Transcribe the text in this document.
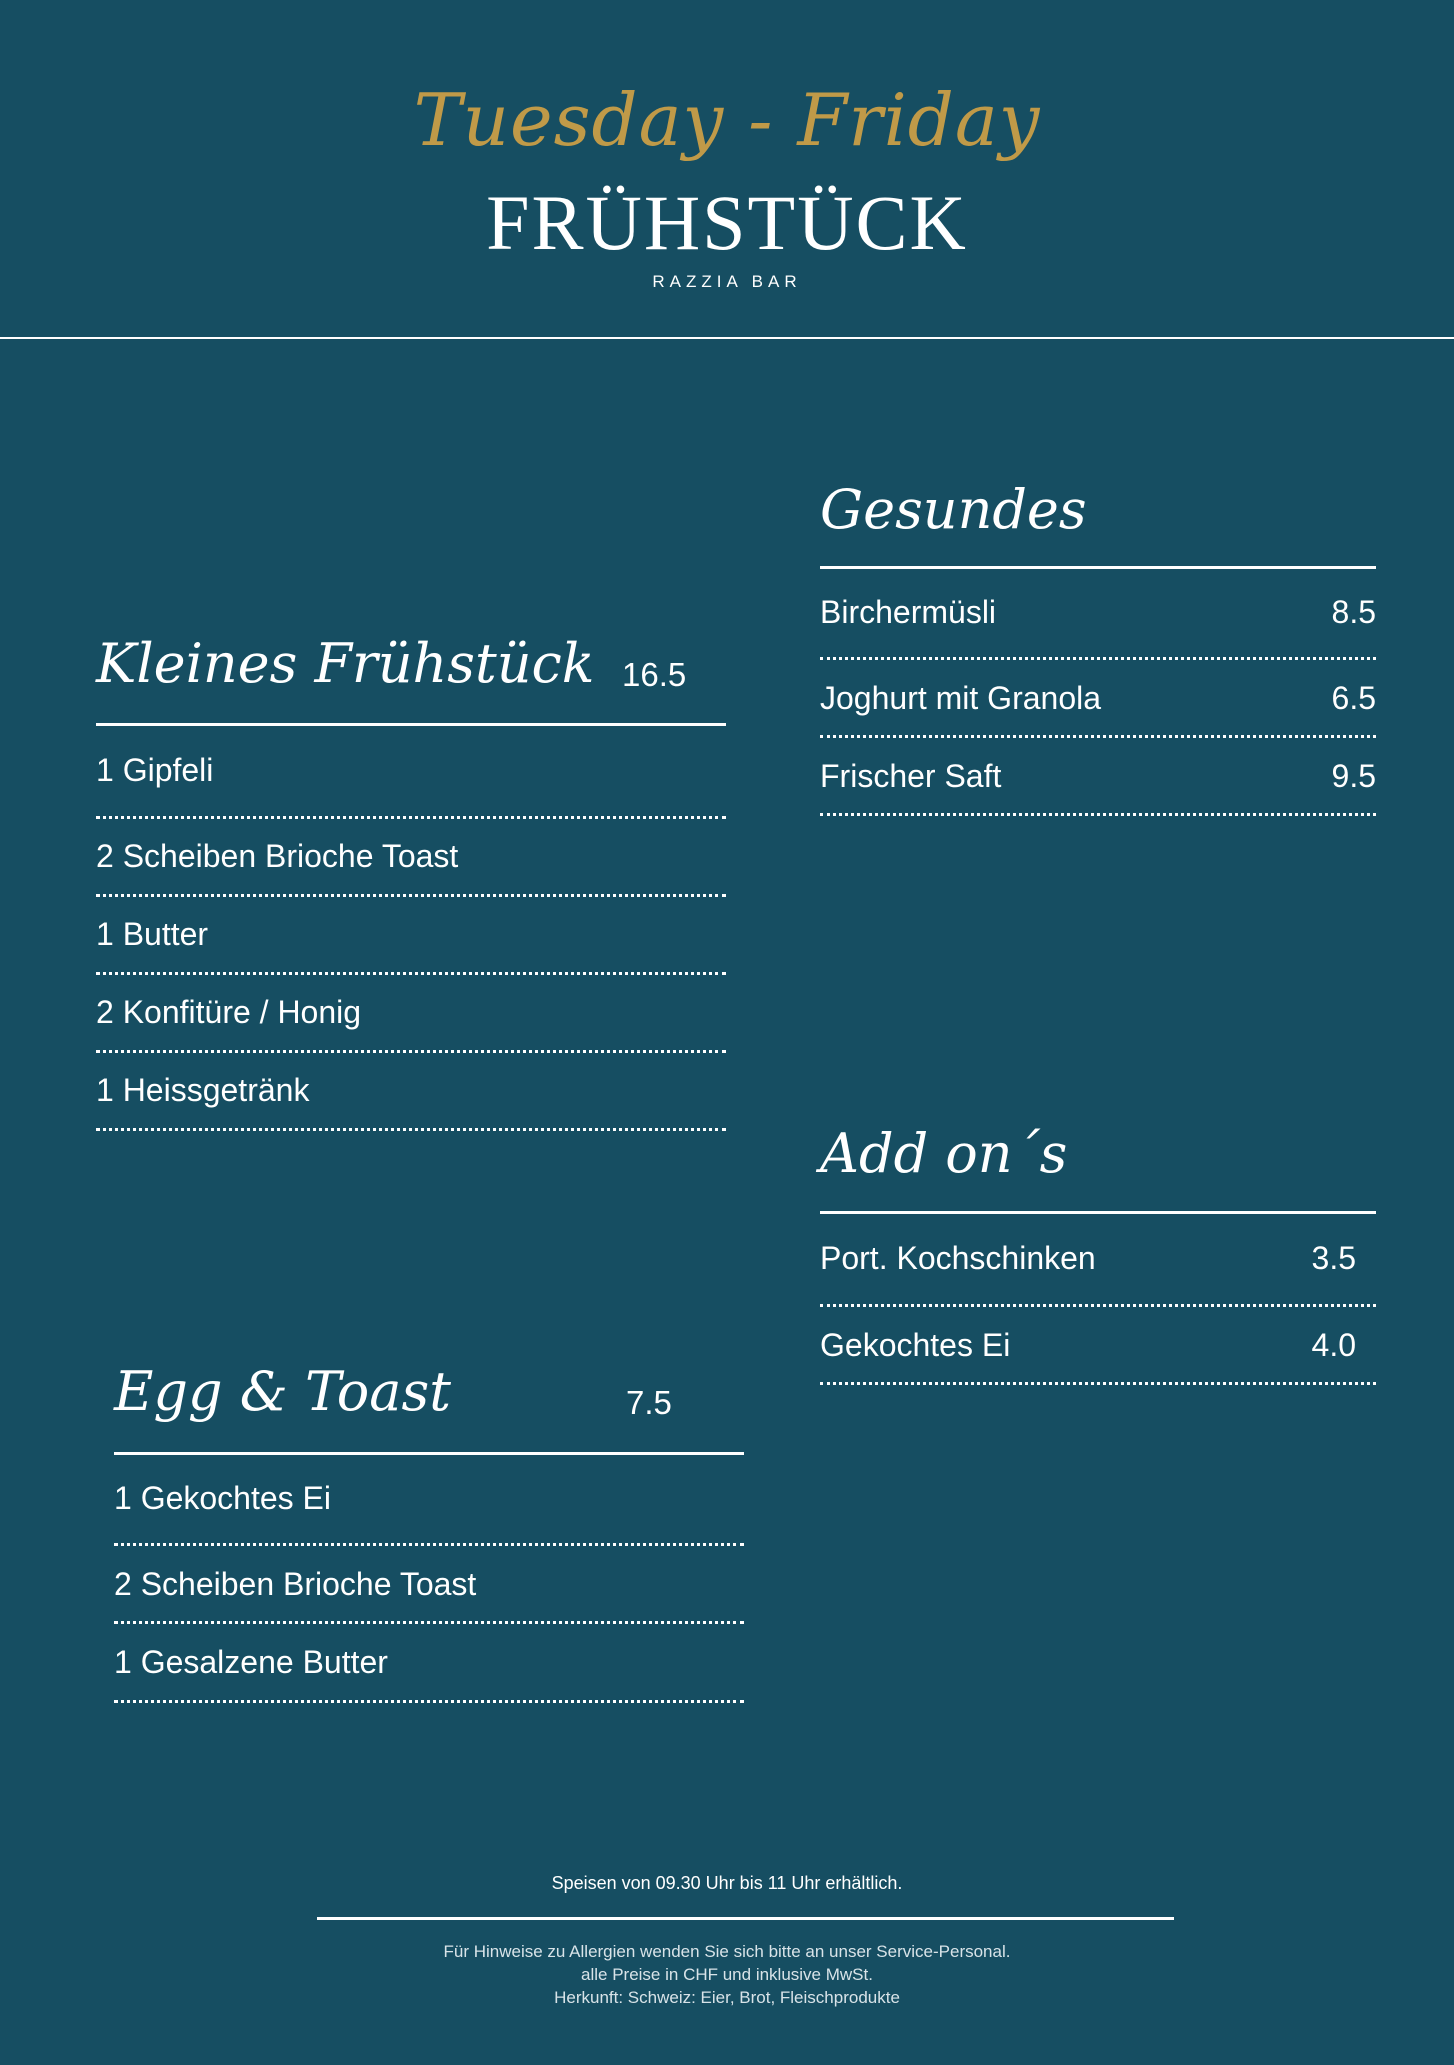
Tuesday - Friday
FRÜHSTÜCK
RAZZIA BAR
Kleines Frühstück 16.5
1 Gipfeli
2 Scheiben Brioche Toast
1 Butter
2 Konfitüre / Honig
1 Heissgetränk
Egg & Toast	7.5
1 Gekochtes Ei
2 Scheiben Brioche Toast
1 Gesalzene Butter
Gesundes
Birchermüsli	8.5
Joghurt mit Granola	6.5
Frischer Saft	9.5
Add on´s
Port. Kochschinken	3.5
Gekochtes Ei	4.0
Speisen von 09.30 Uhr bis 11 Uhr erhältlich.
Für Hinweise zu Allergien wenden Sie sich bitte an unser Service-Personal.
alle Preise in CHF und inklusive MwSt.
Herkunft: Schweiz: Eier, Brot, Fleischprodukte
